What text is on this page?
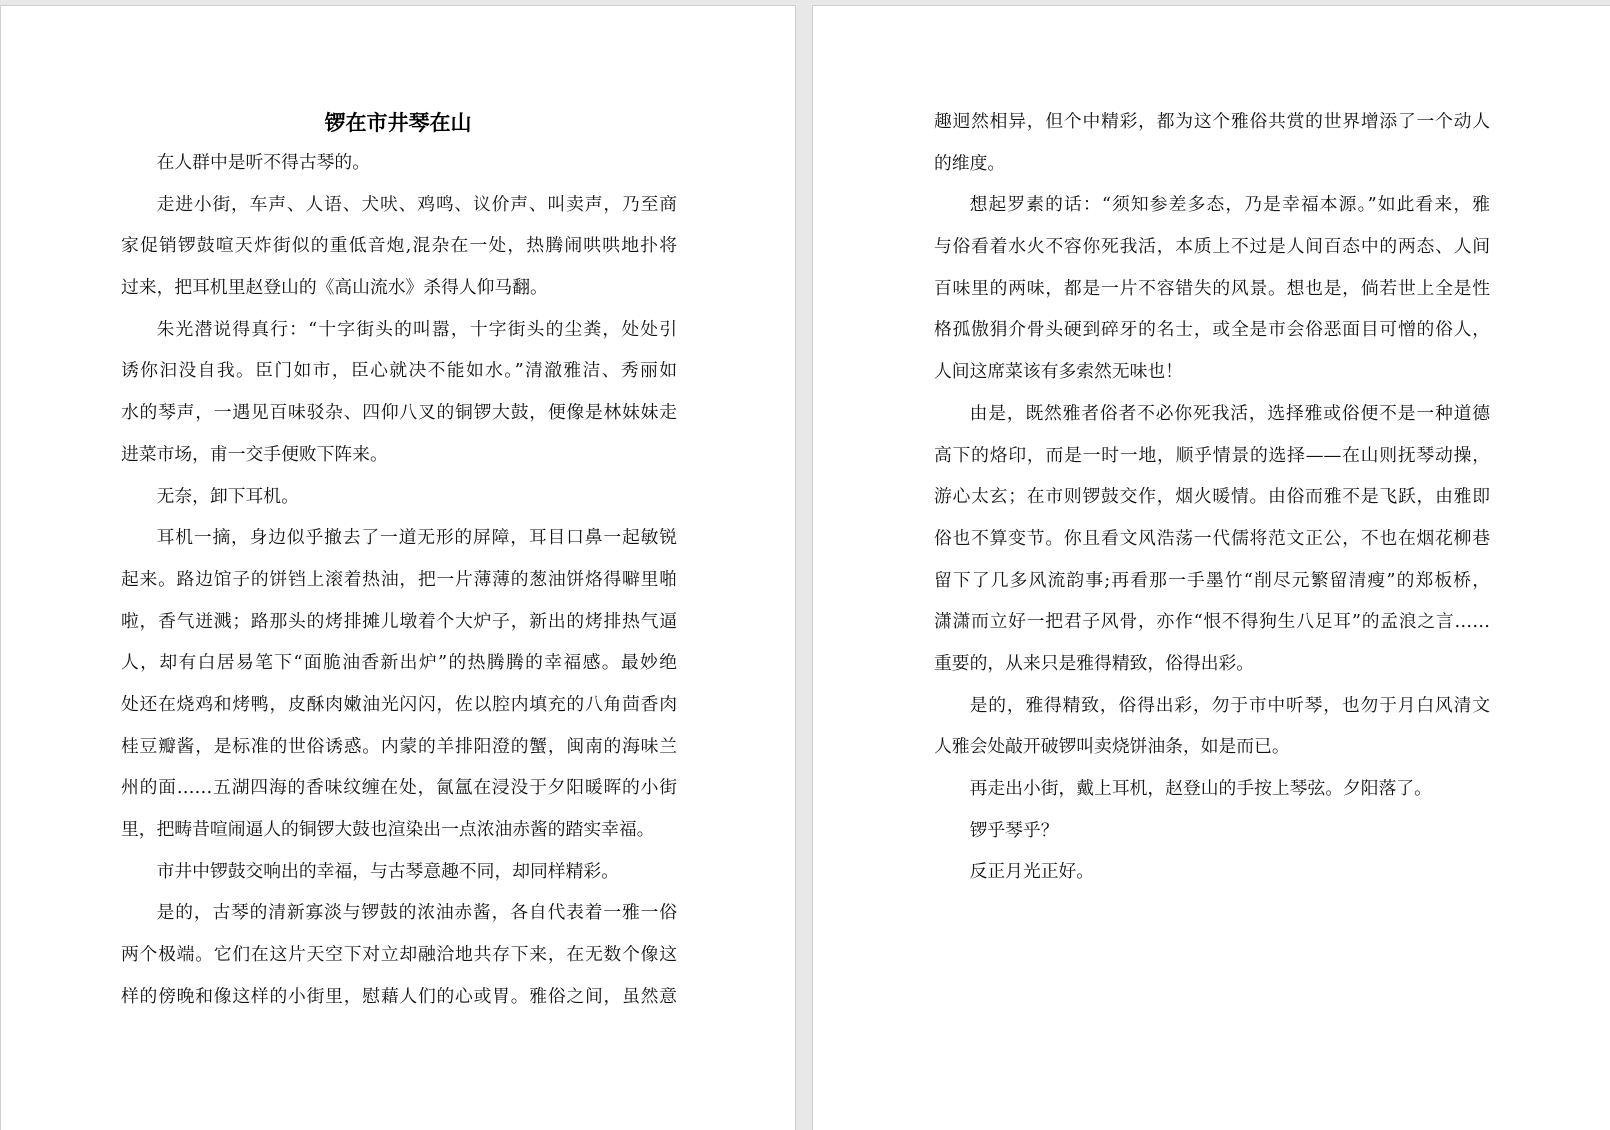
锣在市井琴在山
在人群中是听不得古琴的。
走进小街，车声、人语、犬吠、鸡鸣、议价声、叫卖声，乃至商
家促销锣鼓喧天炸街似的重低音炮,混杂在一处，热腾闹哄哄地扑将
过来，把耳机里赵登山的《高山流水》杀得人仰马翻。
朱光潜说得真行：“十字街头的叫嚣，十字街头的尘粪，处处引
诱你汩没自我。臣门如市，臣心就决不能如水。”清澈雅洁、秀丽如
水的琴声，一遇见百味驳杂、四仰八叉的铜锣大鼓，便像是林妹妹走
进菜市场，甫一交手便败下阵来。
无奈，卸下耳机。
耳机一摘，身边似乎撤去了一道无形的屏障，耳目口鼻一起敏锐
起来。路边馆子的饼铛上滚着热油，把一片薄薄的葱油饼烙得噼里啪
啦，香气迸溅；路那头的烤排摊儿墩着个大炉子，新出的烤排热气逼
人，却有白居易笔下“面脆油香新出炉”的热腾腾的幸福感。最妙绝
处还在烧鸡和烤鸭，皮酥肉嫩油光闪闪，佐以腔内填充的八角茴香肉
桂豆瓣酱，是标准的世俗诱惑。内蒙的羊排阳澄的蟹，闽南的海味兰
州的面……五湖四海的香味纹缠在处，氤氲在浸没于夕阳暖晖的小街
里，把畴昔喧闹逼人的铜锣大鼓也渲染出一点浓油赤酱的踏实幸福。
市井中锣鼓交响出的幸福，与古琴意趣不同，却同样精彩。
是的，古琴的清新寡淡与锣鼓的浓油赤酱，各自代表着一雅一俗
两个极端。它们在这片天空下对立却融洽地共存下来，在无数个像这
样的傍晚和像这样的小街里，慰藉人们的心或胃。雅俗之间，虽然意
趣迥然相异，但个中精彩，都为这个雅俗共赏的世界增添了一个动人
的维度。
想起罗素的话：“须知参差多态，乃是幸福本源。”如此看来，雅
与俗看着水火不容你死我活，本质上不过是人间百态中的两态、人间
百味里的两味，都是一片不容错失的风景。想也是，倘若世上全是性
格孤傲狷介骨头硬到碎牙的名士，或全是市会俗恶面目可憎的俗人，
人间这席菜该有多索然无味也！
由是，既然雅者俗者不必你死我活，选择雅或俗便不是一种道德
高下的烙印，而是一时一地，顺乎情景的选择——在山则抚琴动操，
游心太玄；在市则锣鼓交作，烟火暖情。由俗而雅不是飞跃，由雅即
俗也不算变节。你且看文风浩荡一代儒将范文正公，不也在烟花柳巷
留下了几多风流韵事;再看那一手墨竹“削尽元繁留清瘦”的郑板桥，
潇潇而立好一把君子风骨，亦作“恨不得狗生八足耳”的孟浪之言……
重要的，从来只是雅得精致，俗得出彩。
是的，雅得精致，俗得出彩，勿于市中听琴，也勿于月白风清文
人雅会处敲开破锣叫卖烧饼油条，如是而已。
再走出小街，戴上耳机，赵登山的手按上琴弦。夕阳落了。
锣乎琴乎？
反正月光正好。
